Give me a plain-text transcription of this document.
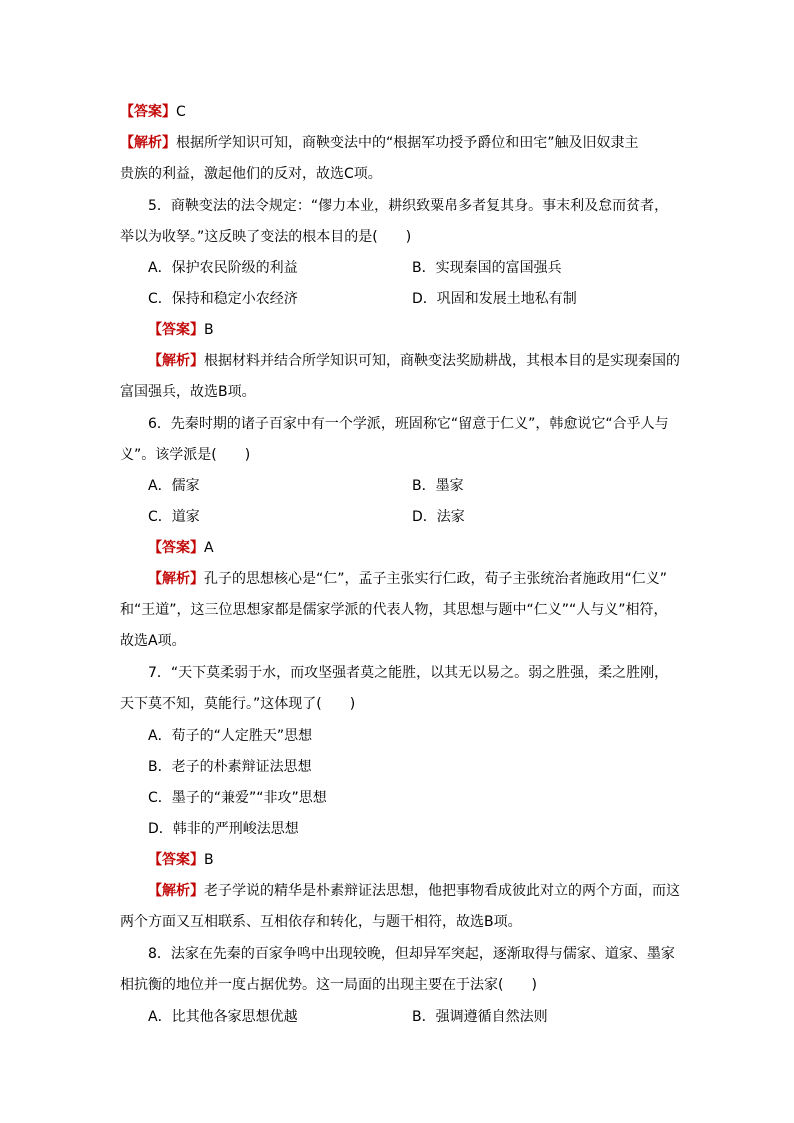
【答案】C
【解析】根据所学知识可知，商鞅变法中的“根据军功授予爵位和田宅”触及旧奴隶主
贵族的利益，激起他们的反对，故选C项。
5．商鞅变法的法令规定：“僇力本业，耕织致粟帛多者复其身。事末利及怠而贫者，
举以为收孥。”这反映了变法的根本目的是(　　)
A．保护农民阶级的利益	B．实现秦国的富国强兵
C．保持和稳定小农经济	D．巩固和发展土地私有制
【答案】B
【解析】根据材料并结合所学知识可知，商鞅变法奖励耕战，其根本目的是实现秦国的
富国强兵，故选B项。
6．先秦时期的诸子百家中有一个学派，班固称它“留意于仁义”，韩愈说它“合乎人与
义”。该学派是(　　)
A．儒家	B．墨家
C．道家	D．法家
【答案】A
【解析】孔子的思想核心是“仁”，孟子主张实行仁政，荀子主张统治者施政用“仁义”
和“王道”，这三位思想家都是儒家学派的代表人物，其思想与题中“仁义”“人与义”相符，
故选A项。
7．“天下莫柔弱于水，而攻坚强者莫之能胜，以其无以易之。弱之胜强，柔之胜刚，
天下莫不知，莫能行。”这体现了(　　)
A．荀子的“人定胜天”思想
B．老子的朴素辩证法思想
C．墨子的“兼爱”“非攻”思想
D．韩非的严刑峻法思想
【答案】B
【解析】老子学说的精华是朴素辩证法思想，他把事物看成彼此对立的两个方面，而这
两个方面又互相联系、互相依存和转化，与题干相符，故选B项。
8．法家在先秦的百家争鸣中出现较晚，但却异军突起，逐渐取得与儒家、道家、墨家
相抗衡的地位并一度占据优势。这一局面的出现主要在于法家(　　)
A．比其他各家思想优越	B．强调遵循自然法则
